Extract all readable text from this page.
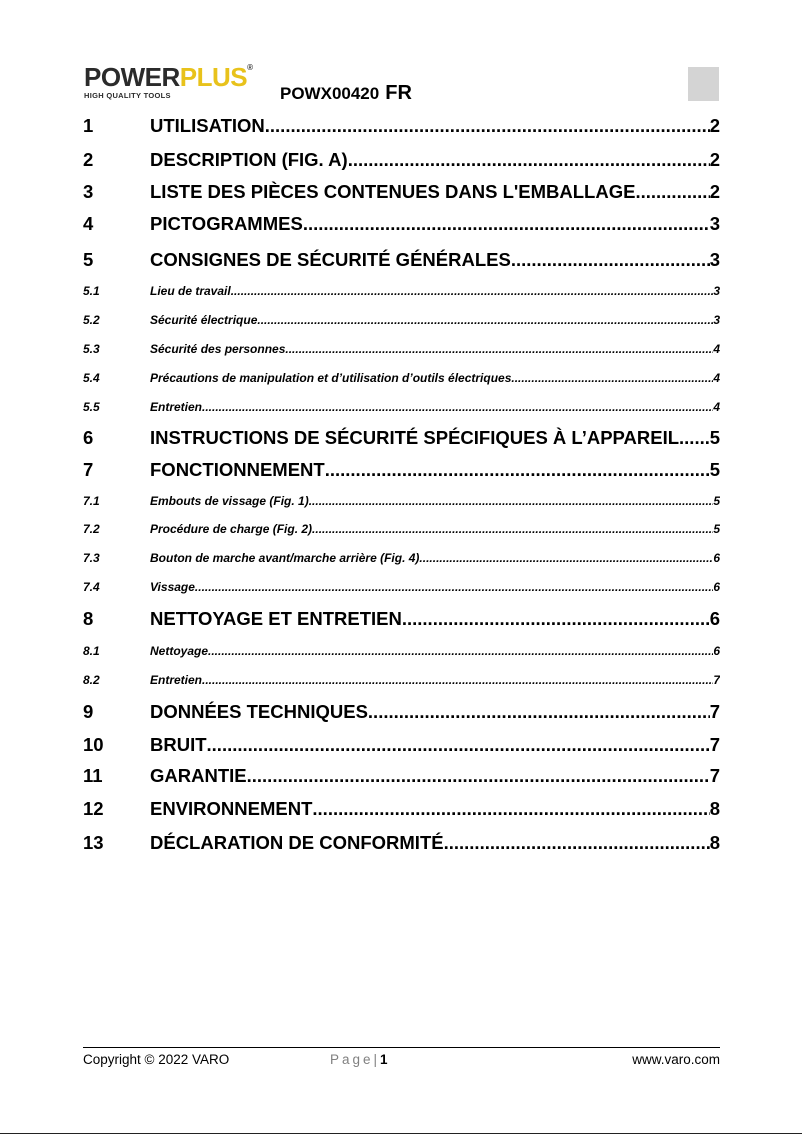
POWERPLUS®
HIGH QUALITY TOOLS	POWX00420 FR
1	UTILISATION .....	2
2	DESCRIPTION (FIG. A) .....	2
3	LISTE DES PIÈCES CONTENUES DANS L'EMBALLAGE .....	2
4	PICTOGRAMMES .....	3
5	CONSIGNES DE SÉCURITÉ GÉNÉRALES .....	3
5.1	Lieu de travail .....	3
5.2	Sécurité électrique .....	3
5.3	Sécurité des personnes .....	4
5.4	Précautions de manipulation et d’utilisation d’outils électriques .....	4
5.5	Entretien .....	4
6	INSTRUCTIONS DE SÉCURITÉ SPÉCIFIQUES À L’APPAREIL ..... 5
7	FONCTIONNEMENT .....	5
7.1	Embouts de vissage (Fig. 1) .....	5
7.2	Procédure de charge (Fig. 2) .....	5
7.3	Bouton de marche avant/marche arrière (Fig. 4) .....	6
7.4	Vissage .....	6
8	NETTOYAGE ET ENTRETIEN .....	6
8.1	Nettoyage .....	6
8.2	Entretien .....	7
9	DONNÉES TECHNIQUES .....	7
10	BRUIT .....	7
11	GARANTIE .....	7
12	ENVIRONNEMENT .....	8
13	DÉCLARATION DE CONFORMITÉ .....	8
Copyright © 2022 VARO	Page|1	www.varo.com
